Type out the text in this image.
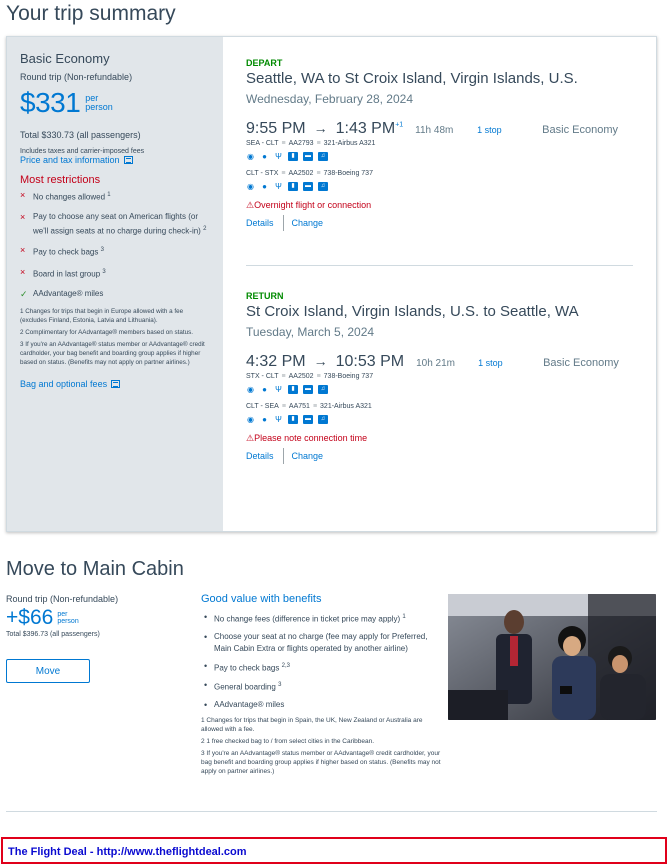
Your trip summary
Basic Economy
Round trip (Non-refundable)
$331 per
person
Total $330.73 (all passengers)
Includes taxes and carrier-imposed fees
Price and tax information
Most restrictions
× No changes allowed $^1$
× Pay to choose any seat on American flights (or we'll assign seats at no charge during check-in) $^2$
× Pay to check bags $^3$
× Board in last group $^3$
✓ AAdvantage® miles
1 Changes for trips that begin in Europe allowed with a fee (excludes Finland, Estonia, Latvia and Lithuania).
2 Complimentary for AAdvantage® members based on status.
3 If you're an AAdvantage® status member or AAdvantage® credit cardholder, your bag benefit and boarding group applies if higher based on status. (Benefits may not apply on partner airlines.)
Bag and optional fees
DEPART
Seattle, WA to St Croix Island, Virgin Islands, U.S.
Wednesday, February 28, 2024
9:55 PM → 1:43 $PM^{+1}$ 11h 48m	1 stop	Basic Economy
SEA - CLT ≡ AA2793 ≡ 321-Airbus A321
◉ ● Ψ	▮	▬	♫
CLT - STX ≡ AA2502 ≡ 738-Boeing 737
◉ ● Ψ	▮	▬	♫
⚠Overnight flight or connection
Details Change
RETURN
St Croix Island, Virgin Islands, U.S. to Seattle, WA
Tuesday, March 5, 2024
4:32 PM → 10:53 PM 10h 21m	1 stop	Basic Economy
STX - CLT ≡ AA2502 ≡ 738-Boeing 737
◉ ● Ψ	▮	▬	♫
CLT - SEA ≡ AA751 ≡ 321-Airbus A321
◉ ● Ψ	▮	▬	♫
⚠Please note connection time
Details Change
Move to Main Cabin
Round trip (Non-refundable)
+$66 per
person
Total $396.73 (all passengers)
Move
Good value with benefits
• No change fees (difference in ticket price may apply) $^1$
• Choose your seat at no charge (fee may apply for Preferred, Main Cabin Extra or flights operated by another airline)
• Pay to check bags $^{2,3}$
• General boarding $^3$
• AAdvantage® miles
1 Changes for trips that begin in Spain, the UK, New Zealand or Australia are allowed with a fee.
2 1 free checked bag to / from select cities in the Caribbean.
3 If you're an AAdvantage® status member or AAdvantage® credit cardholder, your bag benefit and boarding group applies if higher based on status. (Benefits may not apply on partner airlines.)
The Flight Deal - http://www.theflightdeal.com
